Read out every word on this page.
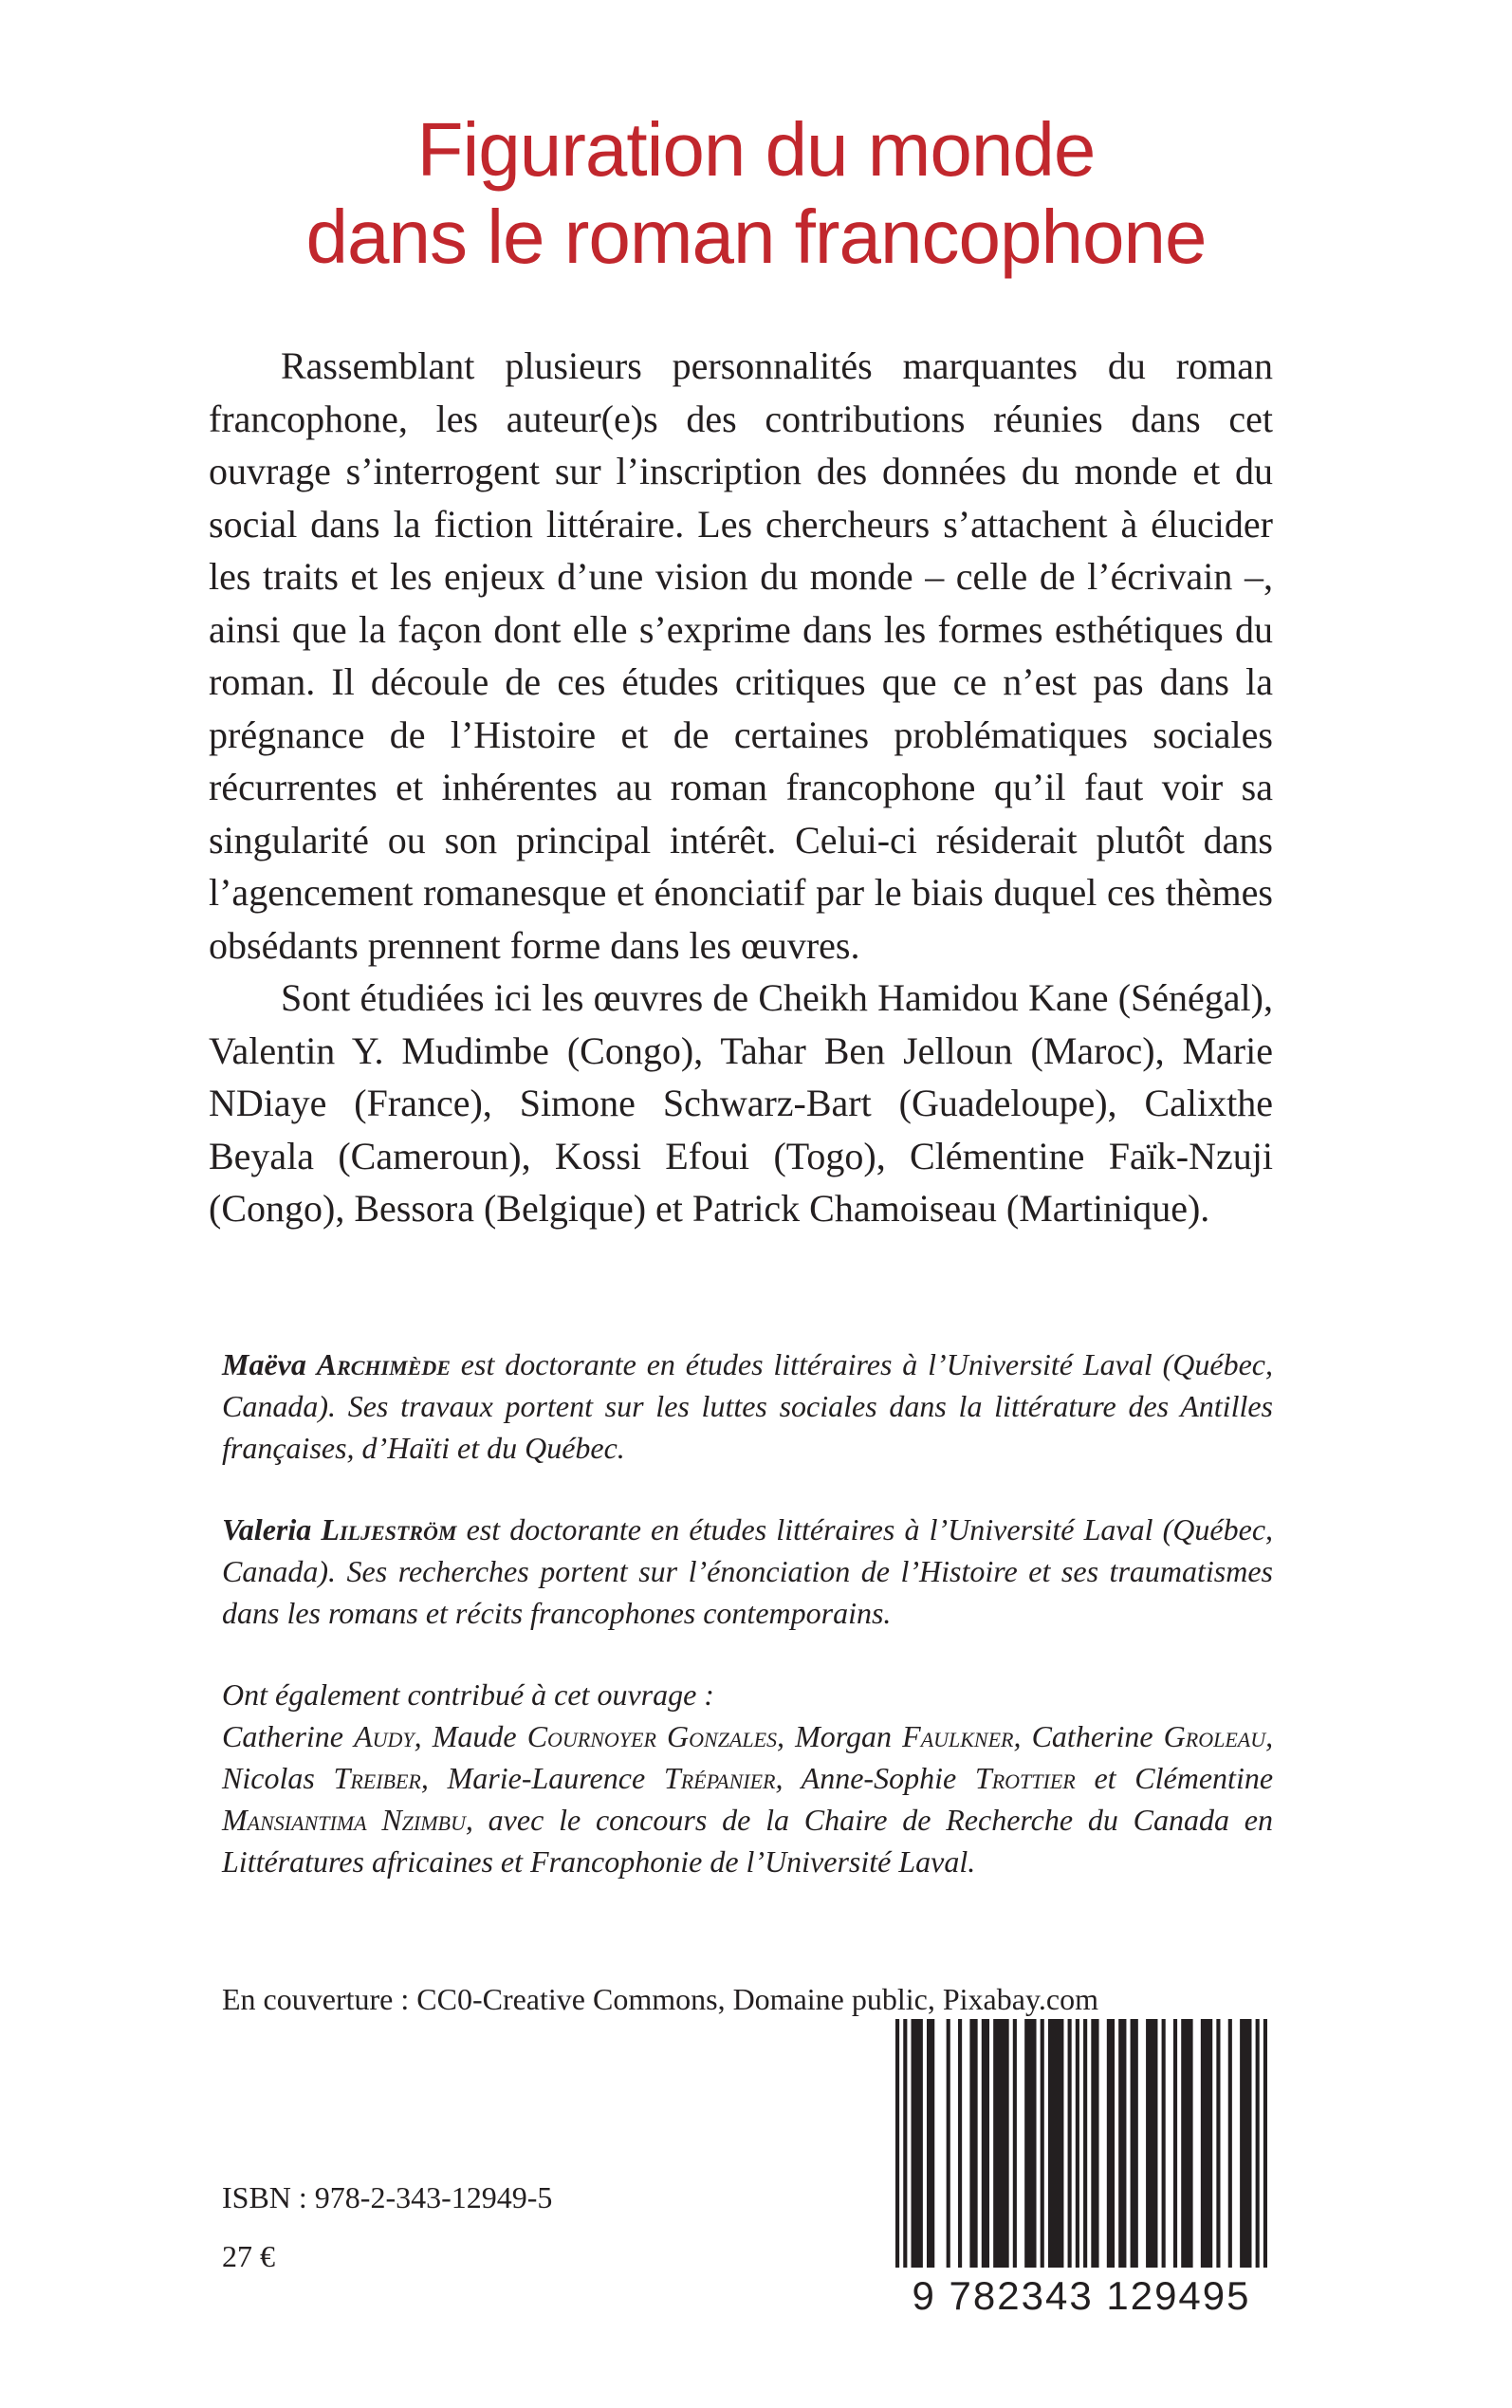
Figuration du monde
dans le roman francophone

Rassemblant plusieurs personnalités marquantes du roman francophone, les auteur(e)s des contributions réunies dans cet ouvrage s’interrogent sur l’inscription des données du monde et du social dans la fiction littéraire. Les chercheurs s’attachent à élucider les traits et les enjeux d’une vision du monde – celle de l’écrivain –, ainsi que la façon dont elle s’exprime dans les formes esthétiques du roman. Il découle de ces études critiques que ce n’est pas dans la prégnance de l’Histoire et de certaines problématiques sociales récurrentes et inhérentes au roman francophone qu’il faut voir sa singularité ou son principal intérêt. Celui-ci résiderait plutôt dans l’agencement romanesque et énonciatif par le biais duquel ces thèmes obsédants prennent forme dans les œuvres.

Sont étudiées ici les œuvres de Cheikh Hamidou Kane (Sénégal), Valentin Y. Mudimbe (Congo), Tahar Ben Jelloun (Maroc), Marie NDiaye (France), Simone Schwarz-Bart (Guadeloupe), Calixthe Beyala (Cameroun), Kossi Efoui (Togo), Clémentine Faïk-Nzuji (Congo), Bessora (Belgique) et Patrick Chamoiseau (Martinique).

Maëva Archimède est doctorante en études littéraires à l’Université Laval (Québec, Canada). Ses travaux portent sur les luttes sociales dans la littérature des Antilles françaises, d’Haïti et du Québec.

Valeria Liljeström est doctorante en études littéraires à l’Université Laval (Québec, Canada). Ses recherches portent sur l’énonciation de l’Histoire et ses traumatismes dans les romans et récits francophones contemporains.

Ont également contribué à cet ouvrage :
Catherine Audy, Maude Cournoyer Gonzales, Morgan Faulkner, Catherine Groleau, Nicolas Treiber, Marie-Laurence Trépanier, Anne-Sophie Trottier et Clémentine Mansiantima Nzimbu, avec le concours de la Chaire de Recherche du Canada en Littératures africaines et Francophonie de l’Université Laval.

En couverture : CC0-Creative Commons, Domaine public, Pixabay.com
ISBN : 978-2-343-12949-5
27 €
9 782343 129495
